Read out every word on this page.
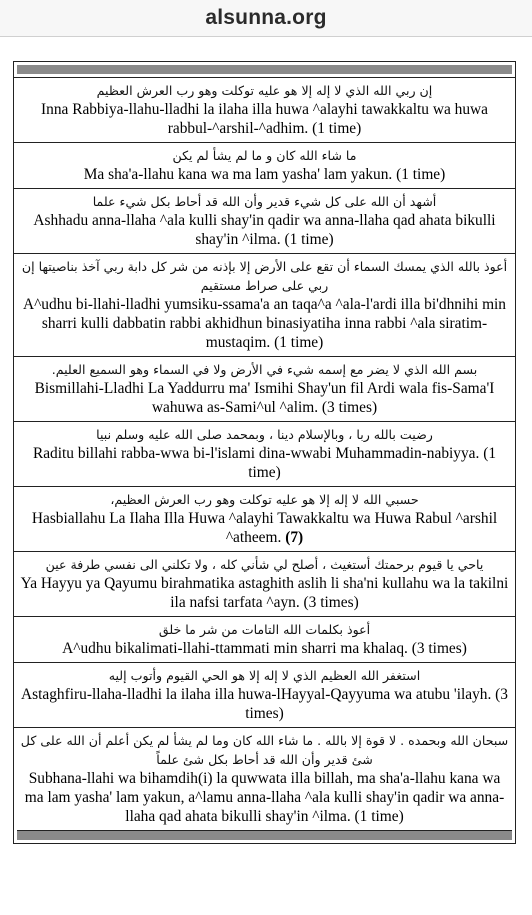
alsunna.org
إن ربي الله الذي لا إله إلا هو عليه توكلت وهو رب العرش العظيم
Inna Rabbiya-llahu-lladhi la ilaha illa huwa ^alayhi tawakkaltu wa huwa rabbul-^arshil-^adhim. (1 time)
ما شاء الله كان و ما لم يشأ لم يكن
Ma sha'a-llahu kana wa ma lam yasha' lam yakun. (1 time)
أشهد أن الله على كل شيء قدير وأن الله قد أحاط بكل شيء علما
Ashhadu anna-llaha ^ala kulli shay'in qadir wa anna-llaha qad ahata bikulli shay'in ^ilma. (1 time)
أعوذ بالله الذي يمسك السماء أن تقع على الأرض إلا بإذنه من شر كل دابة ربي آخذ بناصيتها إن ربي على صراط مستقيم
A^udhu bi-llahi-lladhi yumsiku-ssama'a an taqa^a ^ala-l'ardi illa bi'dhnihi min sharri kulli dabbatin rabbi akhidhun binasiyatiha inna rabbi ^ala siratim-mustaqim. (1 time)
بسم الله الذي لا يضر مع إسمه شيء في الأرض ولا في السماء وهو السميع العليم.
Bismillahi-Lladhi La Yaddurru ma' Ismihi Shay'un fil Ardi wala fis-Sama'I wahuwa as-Sami^ul ^alim. (3 times)
رضيت بالله ربا ، وبالإسلام دينا ، وبمحمد صلى الله عليه وسلم نبيا
Raditu billahi rabba-wwa bi-l'islami dina-wwabi Muhammadin-nabiyya. (1 time)
حسبي الله لا إله إلا هو عليه توكلت وهو رب العرش العظيم،
Hasbiallahu La Ilaha Illa Huwa ^alayhi Tawakkaltu wa Huwa Rabul ^arshil ^atheem. (7)
ياحي يا قيوم برحمتك أستغيث ، أصلح لي شأني كله ، ولا تكلني الى نفسي طرفة عين
Ya Hayyu ya Qayumu birahmatika astaghith aslih li sha'ni kullahu wa la takilni ila nafsi tarfata ^ayn. (3 times)
أعوذ بكلمات الله التامات من شر ما خلق
A^udhu bikalimati-llahi-ttammati min sharri ma khalaq. (3 times)
استغفر الله العظيم الذي لا إله إلا هو الحي القيوم وأتوب إليه
Astaghfiru-llaha-lladhi la ilaha illa huwa-lHayyal-Qayyuma wa atubu 'ilayh. (3 times)
سبحان الله وبحمده . لا قوة إلا بالله . ما شاء الله كان وما لم يشأ لم يكن أعلم أن الله على كل شئ قدير وأن الله قد أحاط بكل شئ علماً
Subhana-llahi wa bihamdih(i) la quwwata illa billah, ma sha'a-llahu kana wa ma lam yasha' lam yakun, a^lamu anna-llaha ^ala kulli shay'in qadir wa anna-llaha qad ahata bikulli shay'in ^ilma. (1 time)
